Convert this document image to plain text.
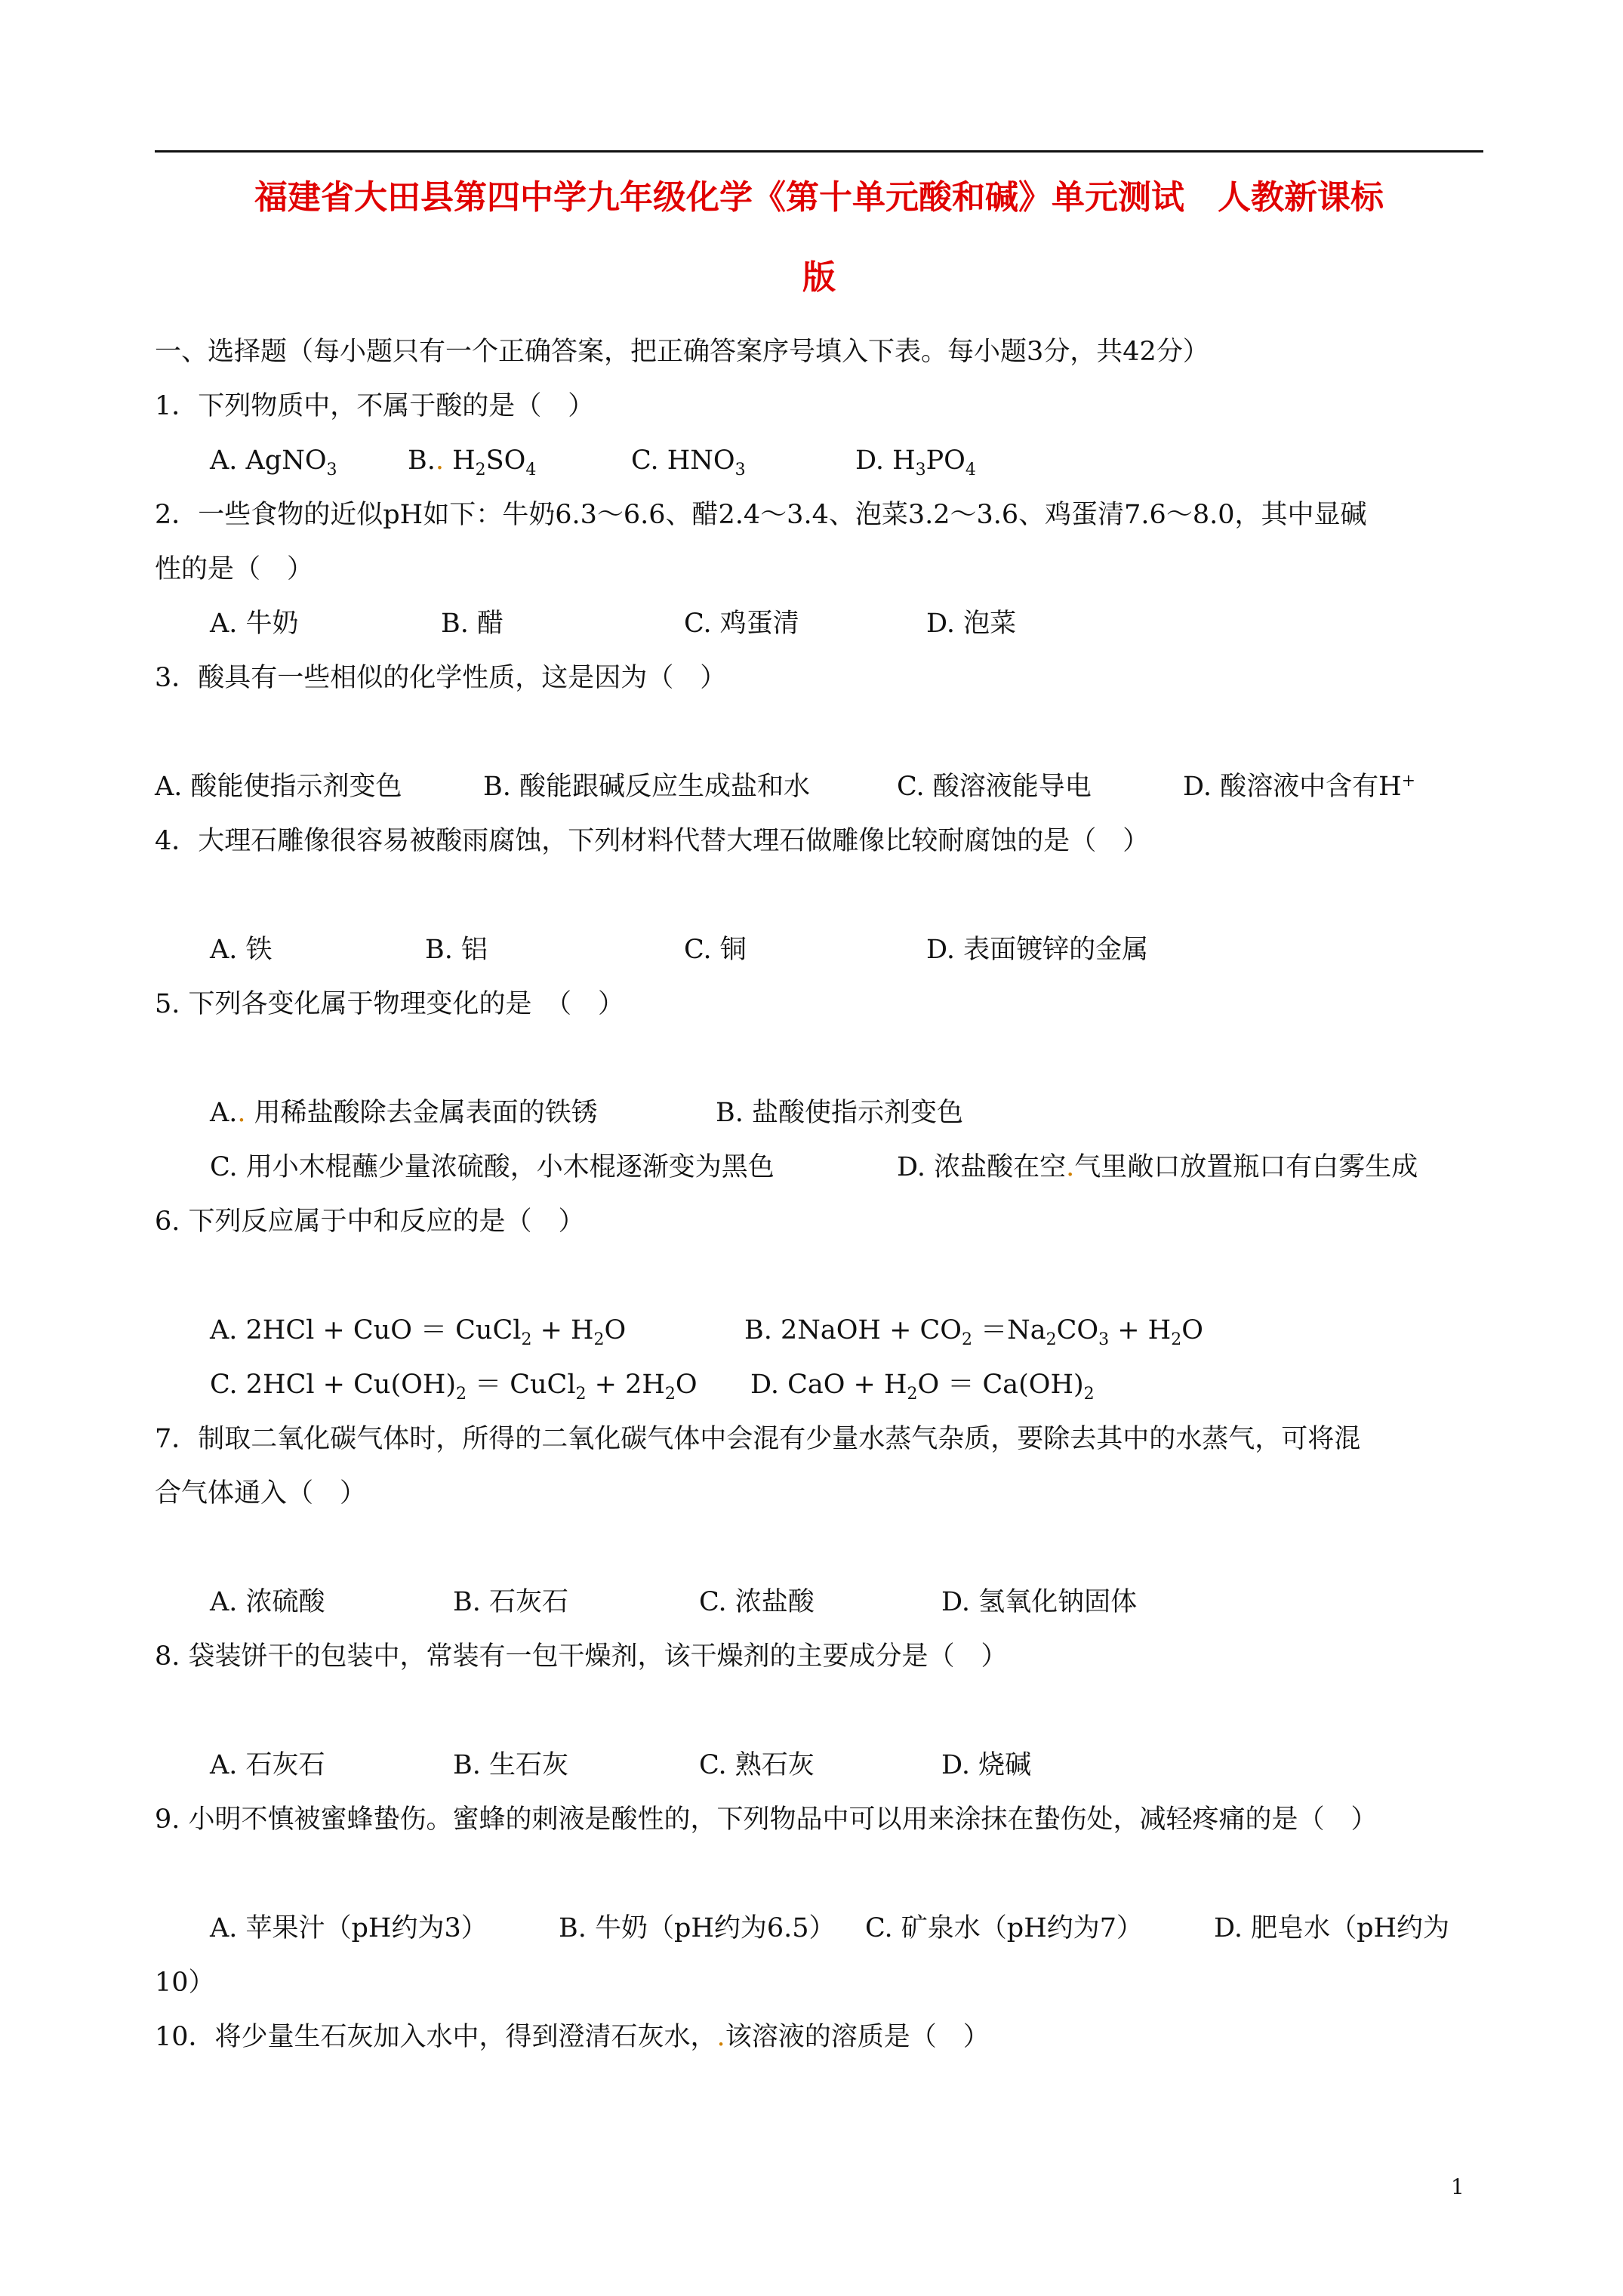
福建省大田县第四中学九年级化学《第十单元酸和碱》单元测试　人教新课标
版
一、选择题（每小题只有一个正确答案，把正确答案序号填入下表。每小题3分，共42分）
1．下列物质中，不属于酸的是（　）
A. AgNO$_3$	B.. $H_2SO_4$	C. $HNO_3$	D. $H_3PO_4$
2．一些食物的近似pH如下：牛奶6.3～6.6、醋2.4～3.4、泡菜3.2～3.6、鸡蛋清7.6～8.0，其中显碱
性的是（　）
A. 牛奶	B. 醋	C. 鸡蛋清	D. 泡菜
3．酸具有一些相似的化学性质，这是因为（　）
A. 酸能使指示剂变色	B. 酸能跟碱反应生成盐和水	C. 酸溶液能导电	D. 酸溶液中含有H+
4．大理石雕像很容易被酸雨腐蚀，下列材料代替大理石做雕像比较耐腐蚀的是（　）
A. 铁	B. 铝	C. 铜	D. 表面镀锌的金属
5. 下列各变化属于物理变化的是　（　）
A.. 用稀盐酸除去金属表面的铁锈	B. 盐酸使指示剂变色
C. 用小木棍蘸少量浓硫酸，小木棍逐渐变为黑色	D. 浓盐酸在空.气里敞口放置瓶口有白雾生成
6. 下列反应属于中和反应的是（　）
A. 2HCl + CuO ＝ CuCl$_2$ + $H_2O$	B. 2NaOH + $CO_2 =Na_2CO_3 + H_2O$
C. $2HCl + Cu(OH)_2$ ＝ CuCl$_2$ + $2H_2O$ D. CaO + $H_2O = Ca(OH)_2$
7．制取二氧化碳气体时，所得的二氧化碳气体中会混有少量水蒸气杂质，要除去其中的水蒸气，可将混
合气体通入（　）
A. 浓硫酸	B. 石灰石	C. 浓盐酸	D. 氢氧化钠固体
8. 袋装饼干的包装中，常装有一包干燥剂，该干燥剂的主要成分是（　）
A. 石灰石	B. 生石灰	C. 熟石灰	D. 烧碱
9. 小明不慎被蜜蜂蛰伤。蜜蜂的刺液是酸性的，下列物品中可以用来涂抹在蛰伤处，减轻疼痛的是（　）
A. 苹果汁（pH约为3）	B. 牛奶（pH约为6.5） C. 矿泉水（pH约为7）	D. 肥皂水（pH约为
10）
10．将少量生石灰加入水中，得到澄清石灰水，.该溶液的溶质是（　）
1
